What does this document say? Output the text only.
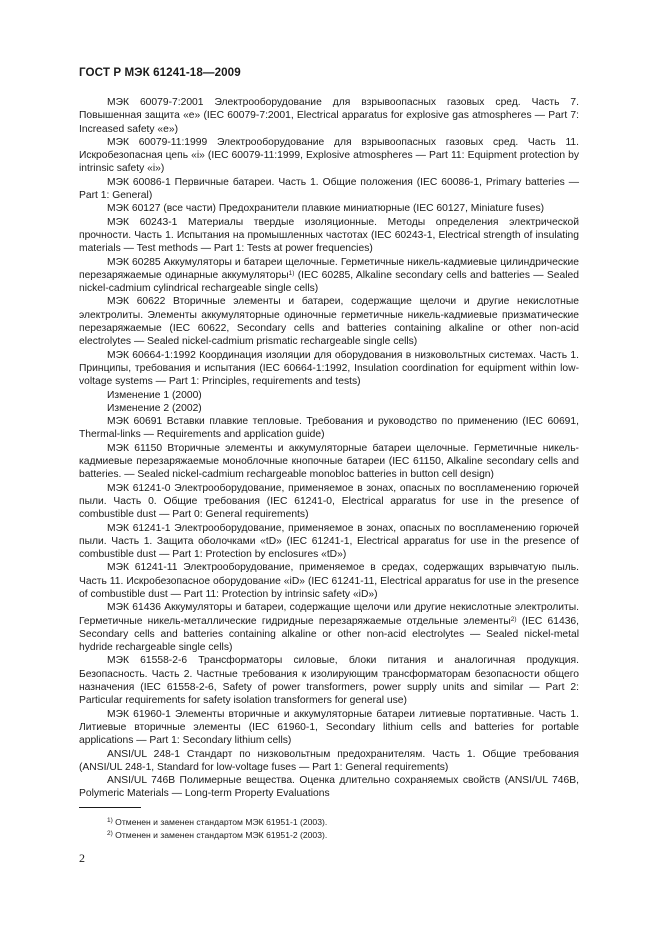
ГОСТ Р МЭК 61241-18—2009

МЭК 60079-7:2001 Электрооборудование для взрывоопасных газовых сред. Часть 7. Повышенная защита «е» (IEC 60079-7:2001, Electrical apparatus for explosive gas atmospheres — Part 7: Increased safety «е»)

МЭК 60079-11:1999 Электрооборудование для взрывоопасных газовых сред. Часть 11. Искробезопасная цепь «i» (IEC 60079-11:1999, Explosive atmospheres — Part 11: Equipment protection by intrinsic safety «i»)

МЭК 60086-1 Первичные батареи. Часть 1. Общие положения (IEC 60086-1, Primary batteries — Part 1: General)

МЭК 60127 (все части) Предохранители плавкие миниатюрные (IEC 60127, Miniature fuses)

МЭК 60243-1 Материалы твердые изоляционные. Методы определения электрической прочности. Часть 1. Испытания на промышленных частотах (IEC 60243-1, Electrical strength of insulating materials — Test methods — Part 1: Tests at power frequencies)

МЭК 60285 Аккумуляторы и батареи щелочные. Герметичные никель-кадмиевые цилиндрические перезаряжаемые одинарные аккумуляторы$^{1)}$ (IEC 60285, Alkaline secondary cells and batteries — Sealed nickel-cadmium cylindrical rechargeable single cells)

МЭК 60622 Вторичные элементы и батареи, содержащие щелочи и другие некислотные электролиты. Элементы аккумуляторные одиночные герметичные никель-кадмиевые призматические перезаряжаемые (IEC 60622, Secondary cells and batteries containing alkaline or other non-acid electrolytes — Sealed nickel-cadmium prismatic rechargeable single cells)

МЭК 60664-1:1992 Координация изоляции для оборудования в низковольтных системах. Часть 1. Принципы, требования и испытания (IEC 60664-1:1992, Insulation coordination for equipment within low-voltage systems — Part 1: Principles, requirements and tests)

Изменение 1 (2000)

Изменение 2 (2002)

МЭК 60691 Вставки плавкие тепловые. Требования и руководство по применению (IEC 60691, Thermal-links — Requirements and application guide)

МЭК 61150 Вторичные элементы и аккумуляторные батареи щелочные. Герметичные никель-кадмиевые перезаряжаемые моноблочные кнопочные батареи (IEC 61150, Alkaline secondary cells and batteries. — Sealed nickel-cadmium rechargeable monobloc batteries in button cell design)

МЭК 61241-0 Электрооборудование, применяемое в зонах, опасных по воспламенению горючей пыли. Часть 0. Общие требования (IEC 61241-0, Electrical apparatus for use in the presence of combustible dust — Part 0: General requirements)

МЭК 61241-1 Электрооборудование, применяемое в зонах, опасных по воспламенению горючей пыли. Часть 1. Защита оболочками «tD» (IEC 61241-1, Electrical apparatus for use in the presence of combustible dust — Part 1: Protection by enclosures «tD»)

МЭК 61241-11 Электрооборудование, применяемое в средах, содержащих взрывчатую пыль. Часть 11. Искробезопасное оборудование «iD» (IEC 61241-11, Electrical apparatus for use in the presence of combustible dust — Part 11: Protection by intrinsic safety «iD»)

МЭК 61436 Аккумуляторы и батареи, содержащие щелочи или другие некислотные электролиты. Герметичные никель-металлические гидридные перезаряжаемые отдельные элементы$^{2)}$ (IEC 61436, Secondary cells and batteries containing alkaline or other non-acid electrolytes — Sealed nickel-metal hydride rechargeable single cells)

МЭК 61558-2-6 Трансформаторы силовые, блоки питания и аналогичная продукция. Безопасность. Часть 2. Частные требования к изолирующим трансформаторам безопасности общего назначения (IEC 61558-2-6, Safety of power transformers, power supply units and similar — Part 2: Particular requirements for safety isolation transformers for general use)

МЭК 61960-1 Элементы вторичные и аккумуляторные батареи литиевые портативные. Часть 1. Литиевые вторичные элементы (IEC 61960-1, Secondary lithium cells and batteries for portable applications — Part 1: Secondary lithium cells)

ANSI/UL 248-1 Стандарт по низковольтным предохранителям. Часть 1. Общие требования (ANSI/UL 248-1, Standard for low-voltage fuses — Part 1: General requirements)

ANSI/UL 746B Полимерные вещества. Оценка длительно сохраняемых свойств (ANSI/UL 746B, Polymeric Materials — Long-term Property Evaluations

$^{1)}$ Отменен и заменен стандартом МЭК 61951-1 (2003).
$^{2)}$ Отменен и заменен стандартом МЭК 61951-2 (2003).
2
